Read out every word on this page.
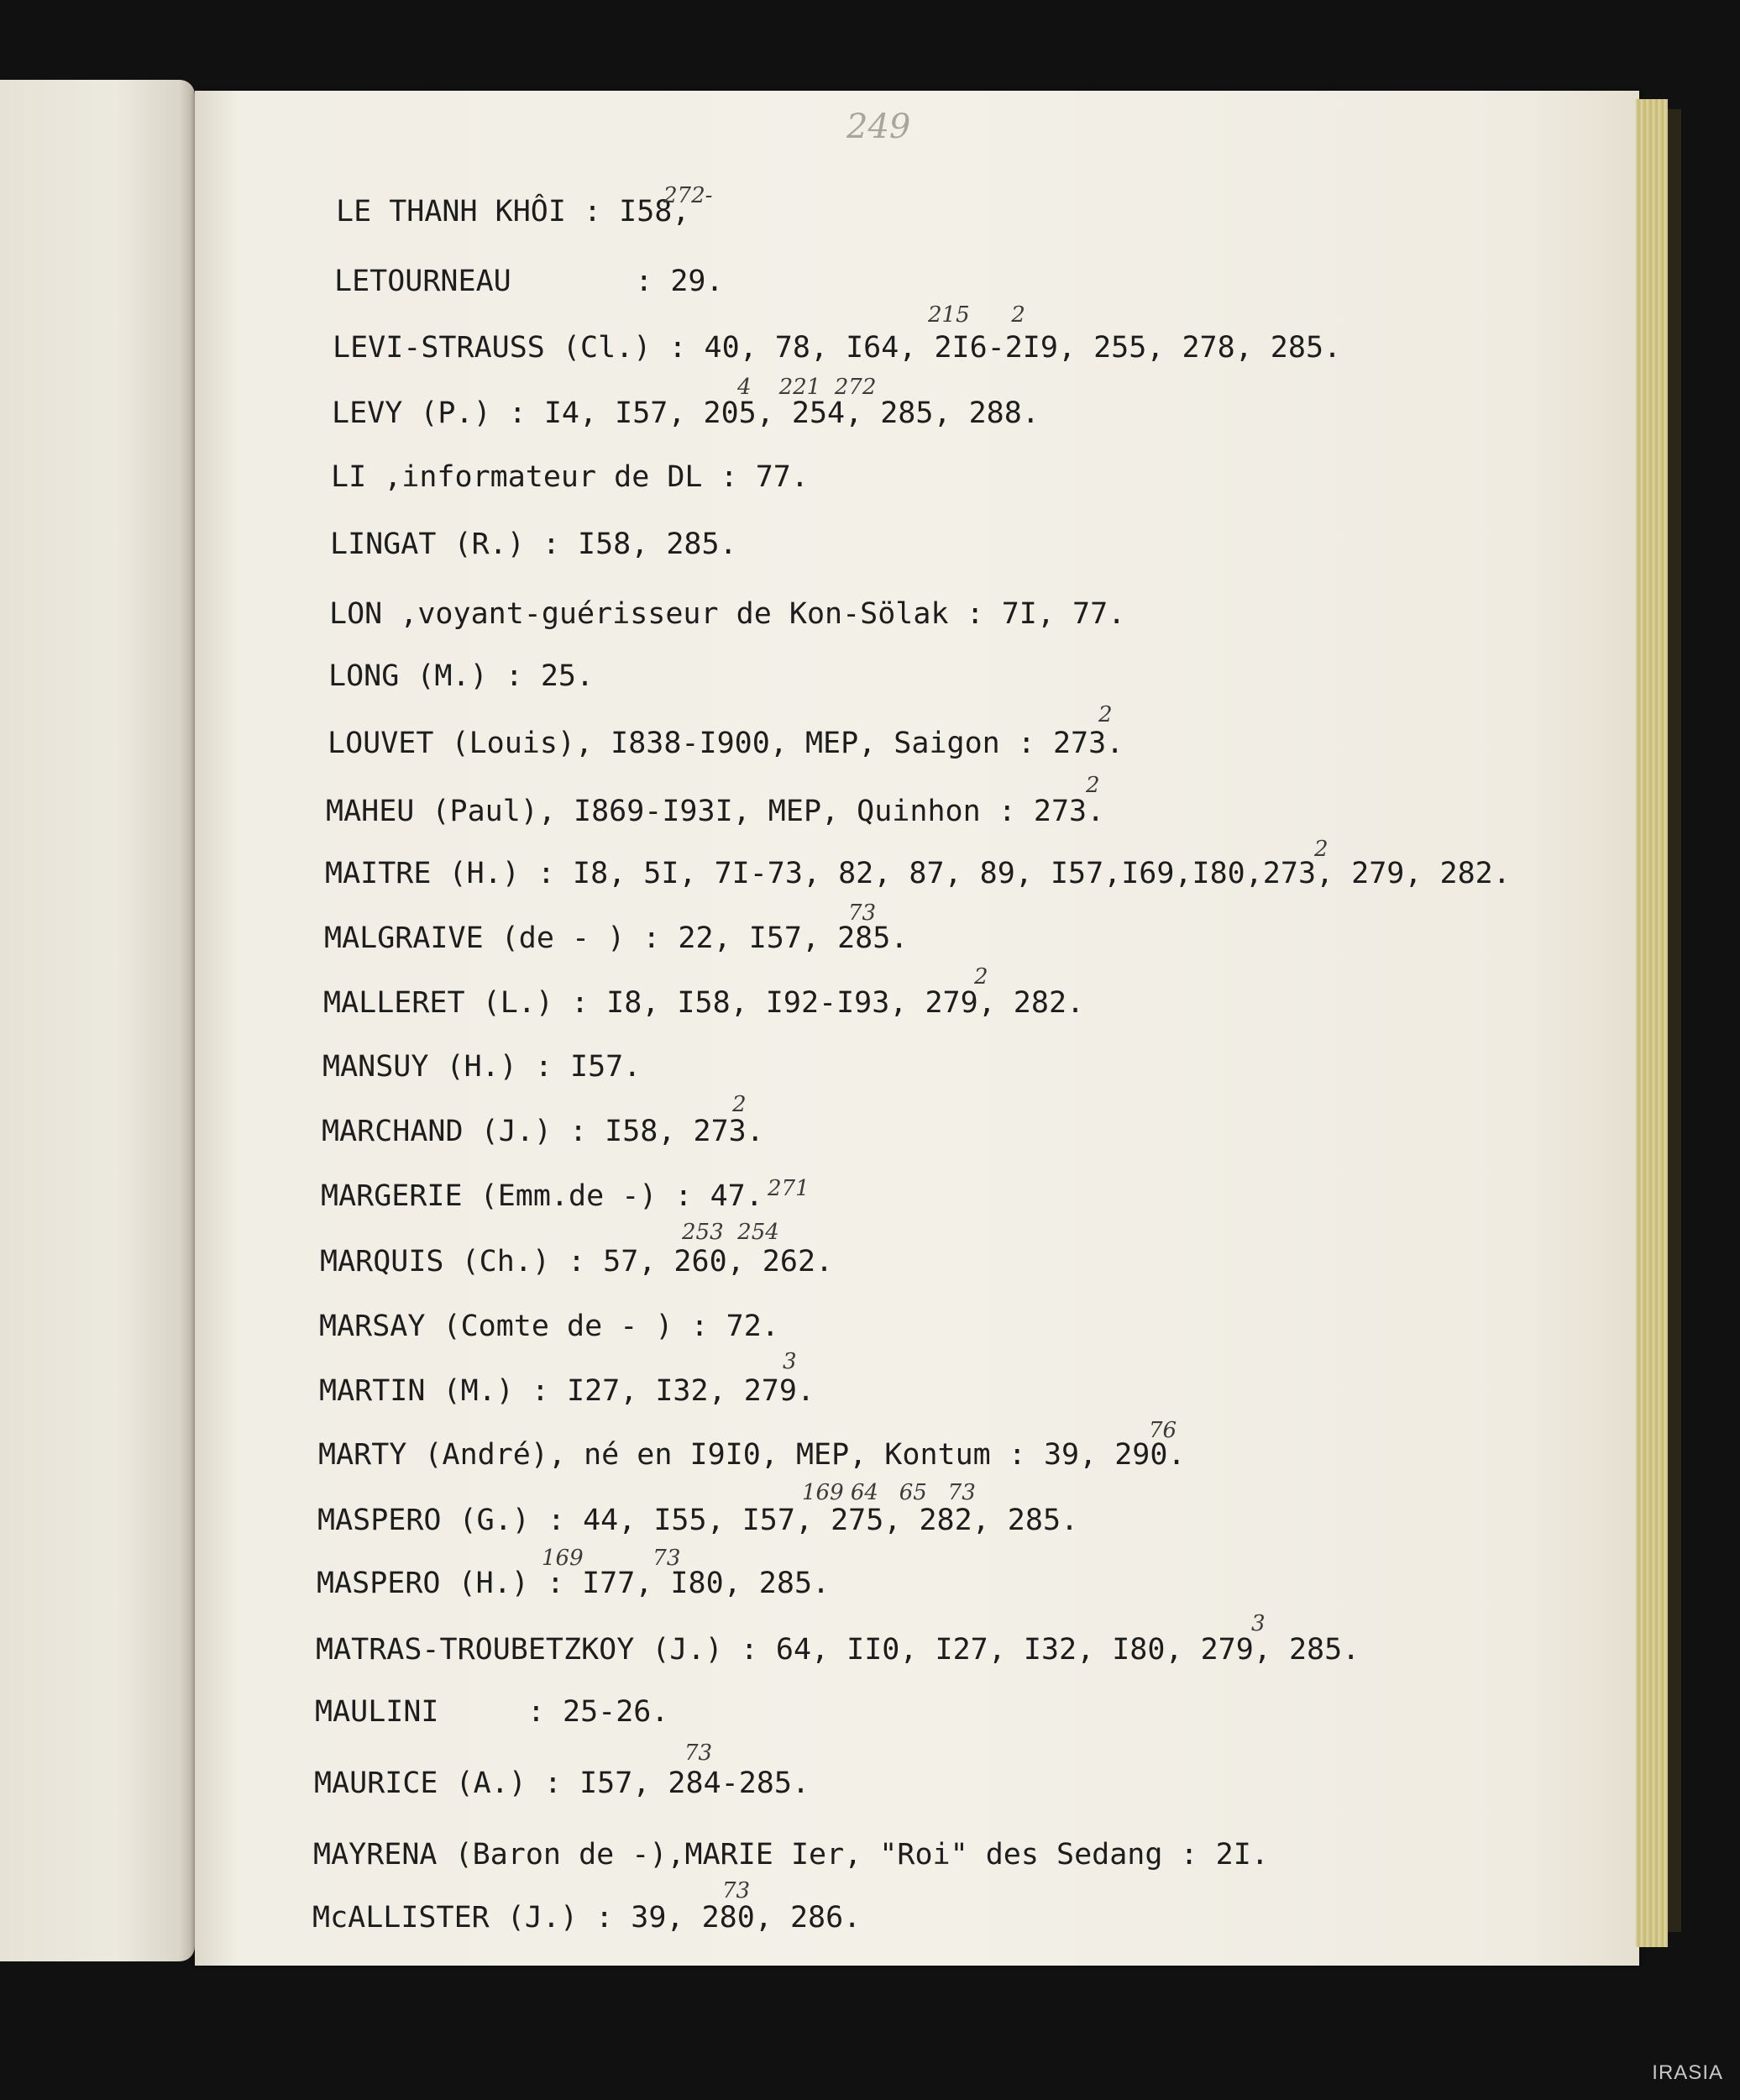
249
LE THANH KHÔI : I58,
272-
LETOURNEAU       : 29.
LEVI-STRAUSS (Cl.) : 40, 78, I64, 2I6-2I9, 255, 278, 285.
215      2
LEVY (P.) : I4, I57, 205, 254, 285, 288.
4    221  272
LI ,informateur de DL : 77.
LINGAT (R.) : I58, 285.
LON ,voyant-guérisseur de Kon-Sölak : 7I, 77.
LONG (M.) : 25.
LOUVET (Louis), I838-I900, MEP, Saigon : 273.
2
MAHEU (Paul), I869-I93I, MEP, Quinhon : 273.
2
MAITRE (H.) : I8, 5I, 7I-73, 82, 87, 89, I57,I69,I80,273, 279, 282.
2
MALGRAIVE (de - ) : 22, I57, 285.
73
MALLERET (L.) : I8, I58, I92-I93, 279, 282.
2
MANSUY (H.) : I57.
MARCHAND (J.) : I58, 273.
2
MARGERIE (Emm.de -) : 47. 271
MARQUIS (Ch.) : 57, 260, 262.
253  254
MARSAY (Comte de - ) : 72.
MARTIN (M.) : I27, I32, 279.
3
MARTY (André), né en I9I0, MEP, Kontum : 39, 290.
76
MASPERO (G.) : 44, I55, I57, 275, 282, 285.
169 64   65   73
MASPERO (H.) : I77, I80, 285.
169          73
MATRAS-TROUBETZKOY (J.) : 64, II0, I27, I32, I80, 279, 285.
3
MAULINI     : 25-26.
MAURICE (A.) : I57, 284-285.
73
MAYRENA (Baron de -),MARIE Ier, "Roi" des Sedang : 2I.
McALLISTER (J.) : 39, 280, 286.
73
IRASIA
